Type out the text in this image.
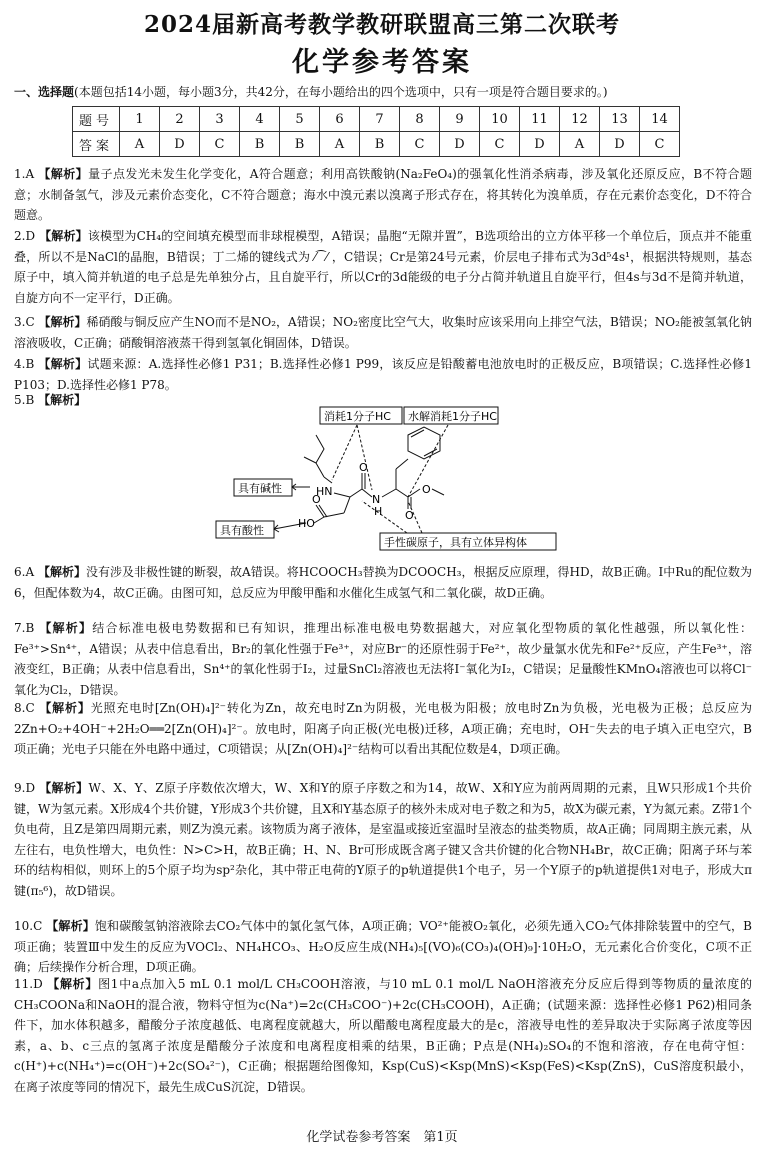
2024届新高考教学教研联盟高三第二次联考
化学参考答案
一、选择题(本题包括14小题，每小题3分，共42分，在每小题给出的四个选项中，只有一项是符合题目要求的。)
题号	1	2	3	4	5	6	7	8	9	10	11	12	13	14
答案	A	D	C	B	B	A	B	C	D	C	D	A	D	C
1.A 【解析】量子点发光未发生化学变化，A符合题意；利用高铁酸钠(Na₂FeO₄)的强氧化性消杀病毒，涉及氧化还原反应，B不符合题意；水制备氢气，涉及元素价态变化，C不符合题意；海水中溴元素以溴离子形式存在，将其转化为溴单质，存在元素价态变化，D不符合题意。
2.D 【解析】该模型为CH₄的空间填充模型而非球棍模型，A错误；晶胞“无隙并置”，B选项给出的立方体平移一个单位后，顶点并不能重叠，所以不是NaCl的晶胞，B错误；丁二烯的键线式为 ⁄⁀⁄ ，C错误；Cr是第24号元素，价层电子排布式为3d⁵4s¹，根据洪特规则，基态原子中，填入简并轨道的电子总是先单独分占，且自旋平行，所以Cr的3d能级的电子分占简并轨道且自旋平行，但4s与3d不是简并轨道，自旋方向不一定平行，D正确。
3.C 【解析】稀硝酸与铜反应产生NO而不是NO₂，A错误；NO₂密度比空气大，收集时应该采用向上排空气法，B错误；NO₂能被氢氧化钠溶液吸收，C正确；硝酸铜溶液蒸干得到氢氧化铜固体，D错误。
4.B 【解析】试题来源：A.选择性必修1 P31；B.选择性必修1 P99，该反应是铅酸蓄电池放电时的正极反应，B项错误；C.选择性必修1 P103；D.选择性必修1 P78。
5.B 【解析】
消耗1分子HC 水解消耗1分子HC
具有碱性
具有酸性
手性碳原子，具有立体异构体
HN
O
N
H O
O
O
HO
6.A 【解析】没有涉及非极性键的断裂，故A错误。将HCOOCH₃替换为DCOOCH₃，根据反应原理，得HD，故B正确。Ⅰ中Ru的配位数为6，但配体数为4，故C正确。由图可知，总反应为甲酸甲酯和水催化生成氢气和二氧化碳，故D正确。
7.B 【解析】结合标准电极电势数据和已有知识，推理出标准电极电势数据越大，对应氧化型物质的氧化性越强，所以氧化性：Fe³⁺>Sn⁴⁺，A错误；从表中信息看出，Br₂的氧化性强于Fe³⁺，对应Br⁻的还原性弱于Fe²⁺，故少量氯水优先和Fe²⁺反应，产生Fe³⁺，溶液变红，B正确；从表中信息看出，Sn⁴⁺的氧化性弱于I₂，过量SnCl₂溶液也无法将I⁻氧化为I₂，C错误；足量酸性KMnO₄溶液也可以将Cl⁻氧化为Cl₂，D错误。
8.C 【解析】光照充电时[Zn(OH)₄]²⁻转化为Zn，故充电时Zn为阴极，光电极为阳极；放电时Zn为负极，光电极为正极；总反应为2Zn+O₂+4OH⁻+2H₂O══2[Zn(OH)₄]²⁻。放电时，阳离子向正极(光电极)迁移，A项正确；充电时，OH⁻失去的电子填入正电空穴，B项正确；光电子只能在外电路中通过，C项错误；从[Zn(OH)₄]²⁻结构可以看出其配位数是4，D项正确。
9.D 【解析】W、X、Y、Z原子序数依次增大，W、X和Y的原子序数之和为14，故W、X和Y应为前两周期的元素，且W只形成1个共价键，W为氢元素。X形成4个共价键，Y形成3个共价键，且X和Y基态原子的核外未成对电子数之和为5，故X为碳元素，Y为氮元素。Z带1个负电荷，且Z是第四周期元素，则Z为溴元素。该物质为离子液体，是室温或接近室温时呈液态的盐类物质，故A正确；同周期主族元素，从左往右，电负性增大，电负性：N>C>H，故B正确；H、N、Br可形成既含离子键又含共价键的化合物NH₄Br，故C正确；阳离子环与苯环的结构相似，则环上的5个原子均为sp²杂化，其中带正电荷的Y原子的p轨道提供1个电子，另一个Y原子的p轨道提供1对电子，形成大π键(π₅⁶)，故D错误。
10.C 【解析】饱和碳酸氢钠溶液除去CO₂气体中的氯化氢气体，A项正确；VO²⁺能被O₂氧化，必须先通入CO₂气体排除装置中的空气，B项正确；装置Ⅲ中发生的反应为VOCl₂、NH₄HCO₃、H₂O反应生成(NH₄)₅[(VO)₆(CO₃)₄(OH)₉]·10H₂O，无元素化合价变化，C项不正确；后续操作分析合理，D项正确。
11.D 【解析】图1中a点加入5 mL 0.1 mol/L CH₃COOH溶液，与10 mL 0.1 mol/L NaOH溶液充分反应后得到等物质的量浓度的CH₃COONa和NaOH的混合液，物料守恒为c(Na⁺)=2c(CH₃COO⁻)+2c(CH₃COOH)，A正确；(试题来源：选择性必修1 P62)相同条件下，加水体积越多，醋酸分子浓度越低、电离程度就越大，所以醋酸电离程度最大的是c，溶液导电性的差异取决于实际离子浓度等因素，a、b、c三点的氢离子浓度是醋酸分子浓度和电离程度相乘的结果，B正确；P点是(NH₄)₂SO₄的不饱和溶液，存在电荷守恒：c(H⁺)+c(NH₄⁺)=c(OH⁻)+2c(SO₄²⁻)，C正确；根据题给图像知，Ksp(CuS)<Ksp(MnS)<Ksp(FeS)<Ksp(ZnS)，CuS溶度积最小，在离子浓度等同的情况下，最先生成CuS沉淀，D错误。
化学试卷参考答案　第1页
